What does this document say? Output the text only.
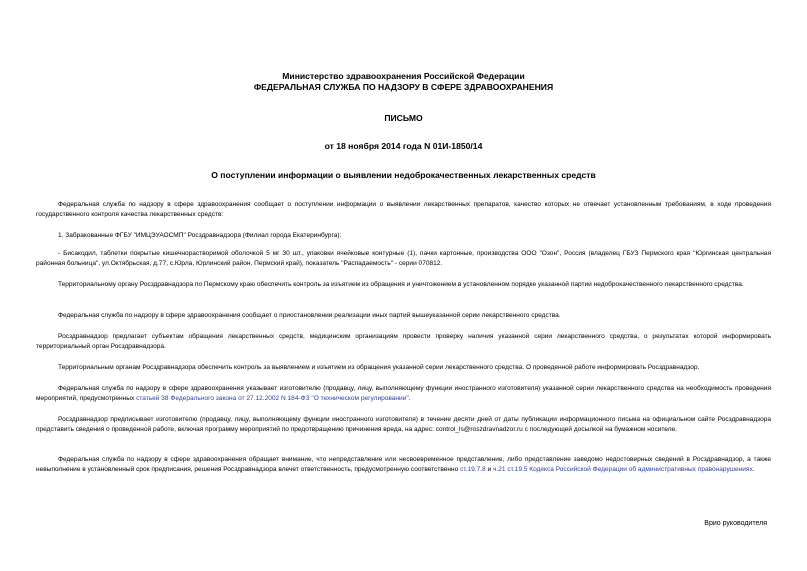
Министерство здравоохранения Российской Федерации

ФЕДЕРАЛЬНАЯ СЛУЖБА ПО НАДЗОРУ В СФЕРЕ ЗДРАВООХРАНЕНИЯ

ПИСЬМО

от 18 ноября 2014 года N 01И-1850/14

О поступлении информации о выявлении недоброкачественных лекарственных средств

Федеральная служба по надзору в сфере здравоохранения сообщает о поступлении информации о выявлении лекарственных препаратов, качество которых не отвечает установленным требованиям, в ходе проведения государственного контроля качества лекарственных средств:

1. Забракованные ФГБУ "ИМЦЭУАОСМП" Росздравнадзора (Филиал города Екатеринбурга):

- Бисакодил, таблетки покрытые кишечнорастворимой оболочкой 5 мг 30 шт., упаковки ячейковые контурные (1), пачки картонные, производства ООО "Озон", Россия (владелец ГБУЗ Пермского края "Юргинская центральная районная больница", ул.Октябрьская, д.77, с.Юрла, Юрлинский район, Пермский край), показатель "Распадаемость" - серии 070812.

Территориальному органу Росздравнадзора по Пермскому краю обеспечить контроль за изъятием из обращения и уничтожением в установленном порядке указанной партии недоброкачественного лекарственного средства.

Федеральная служба по надзору в сфере здравоохранения сообщает о приостановлении реализации иных партий вышеуказанной серии лекарственного средства.

Росздравнадзор предлагает субъектам обращения лекарственных средств, медицинским организациям провести проверку наличия указанной серии лекарственного средства, о результатах которой информировать территориальный орган Росздравнадзора.

Территориальным органам Росздравнадзора обеспечить контроль за выявлением и изъятием из обращения указанной серии лекарственного средства. О проведенной работе информировать Росздравнадзор.

Федеральная служба по надзору в сфере здравоохранения указывает изготовителю (продавцу, лицу, выполняющему функции иностранного изготовителя) указанной серии лекарственного средства на необходимость проведения мероприятий, предусмотренных статьей 38 Федерального закона от 27.12.2002 N 184-ФЗ "О техническом регулировании".

Росздравнадзор предписывает изготовителю (продавцу, лицу, выполняющему функции иностранного изготовителя) в течение десяти дней от даты публикации информационного письма на официальном сайте Росздравнадзора представить сведения о проведенной работе, включая программу мероприятий по предотвращению причинения вреда, на адрес: control_ls@roszdravnadzor.ru с последующей досылкой на бумажном носителе.

Федеральная служба по надзору в сфере здравоохранения обращает внимание, что непредставление или несвоевременное представление, либо представление заведомо недостоверных сведений в Росздравнадзор, а также невыполнение в установленный срок предписания, решения Росздравнадзора влечет ответственность, предусмотренную соответственно ст.19.7.8 и ч.21 ст.19.5 Кодекса Российской Федерации об административных правонарушениях.

Врио руководителя
